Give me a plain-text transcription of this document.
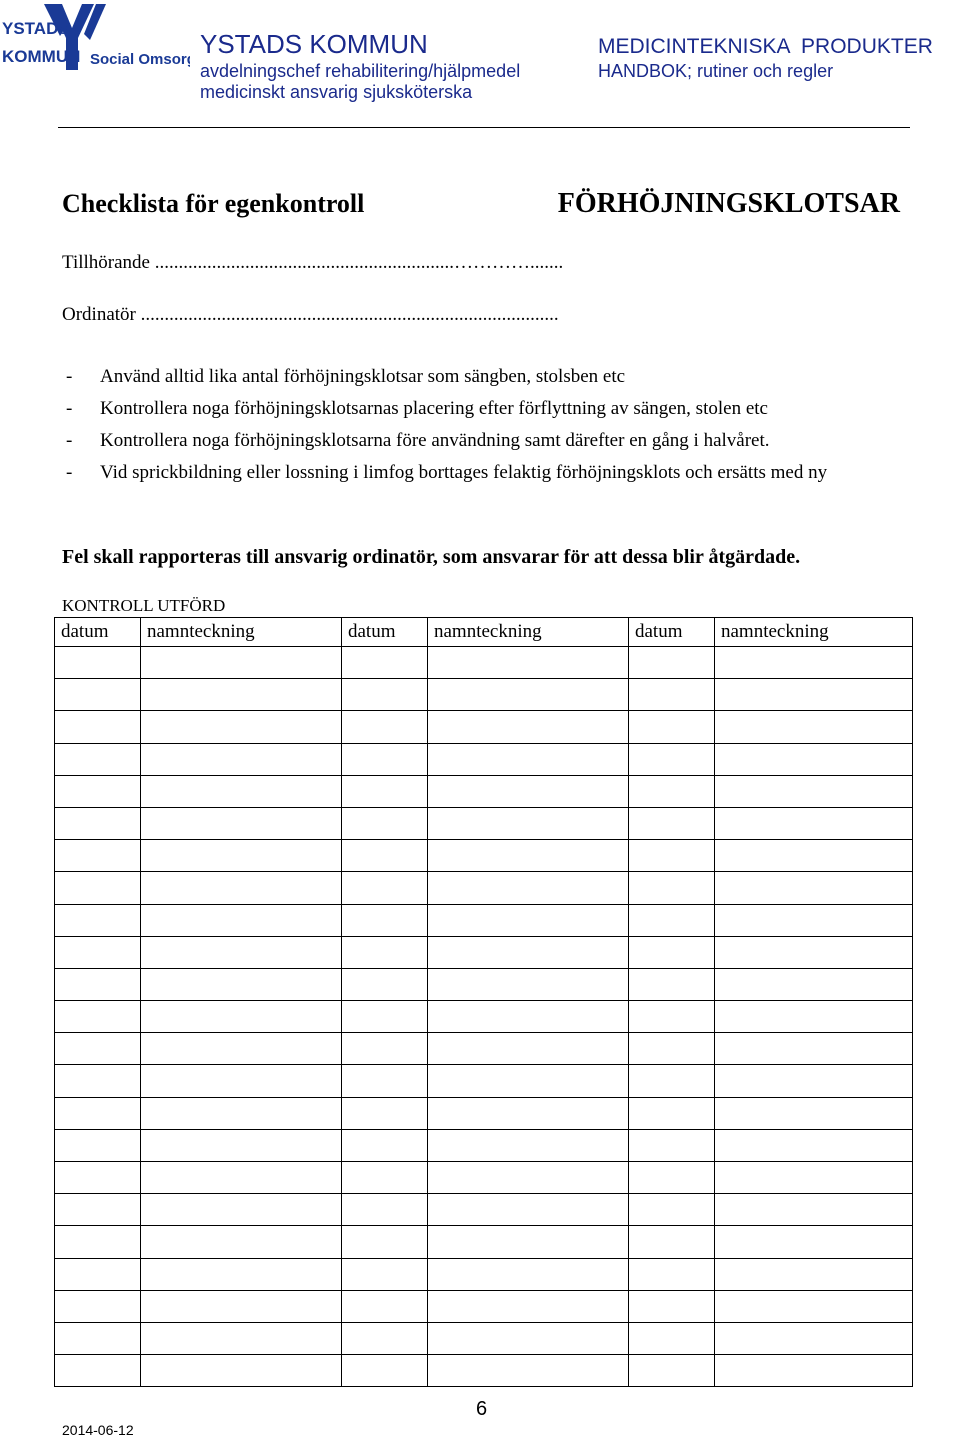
YSTADs
KOMMUN Social Omsorg
YSTADS KOMMUN
avdelningschef rehabilitering/hjälpmedel
medicinskt ansvarig sjuksköterska
MEDICINTEKNISKA  PRODUKTER
HANDBOK; rutiner och regler
Checklista för egenkontroll	FÖRHÖJNINGSKLOTSAR
Tillhörande ...............................................................………….......
Ordinatör ........................................................................................
- Använd alltid lika antal förhöjningsklotsar som sängben, stolsben etc
- Kontrollera noga förhöjningsklotsarnas placering efter förflyttning av sängen, stolen etc
- Kontrollera noga förhöjningsklotsarna före användning samt därefter en gång i halvåret.
- Vid sprickbildning eller lossning i limfog borttages felaktig förhöjningsklots och ersätts med ny
Fel skall rapporteras till ansvarig ordinatör, som ansvarar för att dessa blir åtgärdade.
KONTROLL UTFÖRD
datum	namnteckning	datum	namnteckning	datum	namnteckning

6
2014-06-12
